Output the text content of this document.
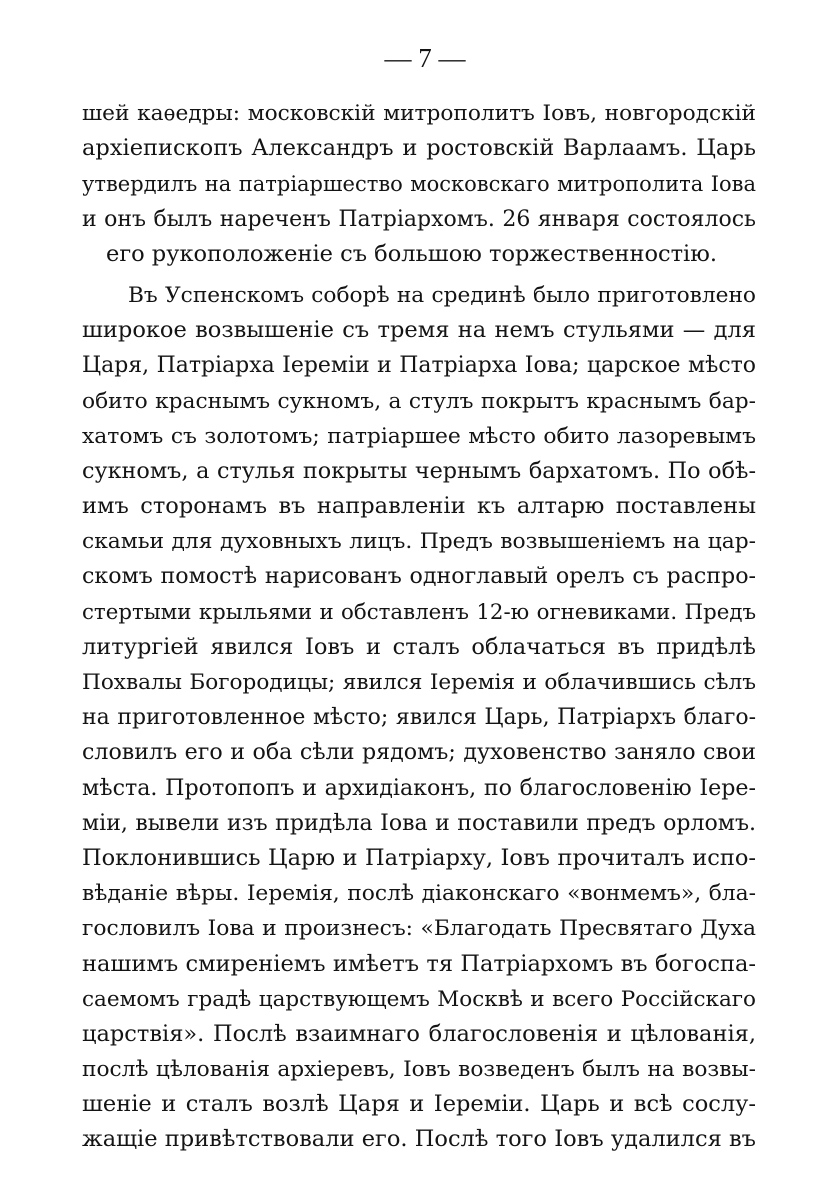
— 7 —
шей каѳедры: московскій митрополитъ Іовъ, новгородскій
архіепископъ Александръ и ростовскій Варлаамъ. Царь
утвердилъ на патріаршество московскаго митрополита Іова
и онъ былъ нареченъ Патріархомъ. 26 января состоялось
его рукоположеніе съ большою торжественностію.
Въ Успенскомъ соборѣ на срединѣ было приготовлено
широкое возвышеніе съ тремя на немъ стульями — для
Царя, Патріарха Іереміи и Патріарха Іова; царское мѣсто
обито краснымъ сукномъ, а стулъ покрытъ краснымъ бар-
хатомъ съ золотомъ; патріаршее мѣсто обито лазоревымъ
сукномъ, а стулья покрыты чернымъ бархатомъ. По обѣ-
имъ сторонамъ въ направленіи къ алтарю поставлены
скамьи для духовныхъ лицъ. Предъ возвышеніемъ на цар-
скомъ помостѣ нарисованъ одноглавый орелъ съ распро-
стертыми крыльями и обставленъ 12-ю огневиками. Предъ
литургіей явился Іовъ и сталъ облачаться въ придѣлѣ
Похвалы Богородицы; явился Іеремія и облачившись сѣлъ
на приготовленное мѣсто; явился Царь, Патріархъ благо-
словилъ его и оба сѣли рядомъ; духовенство заняло свои
мѣста. Протопопъ и архидіаконъ, по благословенію Іере-
міи, вывели изъ придѣла Іова и поставили предъ орломъ.
Поклонившись Царю и Патріарху, Іовъ прочиталъ испо-
вѣданіе вѣры. Іеремія, послѣ діаконскаго «вонмемъ», бла-
гословилъ Іова и произнесъ: «Благодать Пресвятаго Духа
нашимъ смиреніемъ имѣетъ тя Патріархомъ въ богоспа-
саемомъ градѣ царствующемъ Москвѣ и всего Россійскаго
царствія». Послѣ взаимнаго благословенія и цѣлованія,
послѣ цѣлованія архіеревъ, Іовъ возведенъ былъ на возвы-
шеніе и сталъ возлѣ Царя и Іереміи. Царь и всѣ сослу-
жащіе привѣтствовали его. Послѣ того Іовъ удалился въ
